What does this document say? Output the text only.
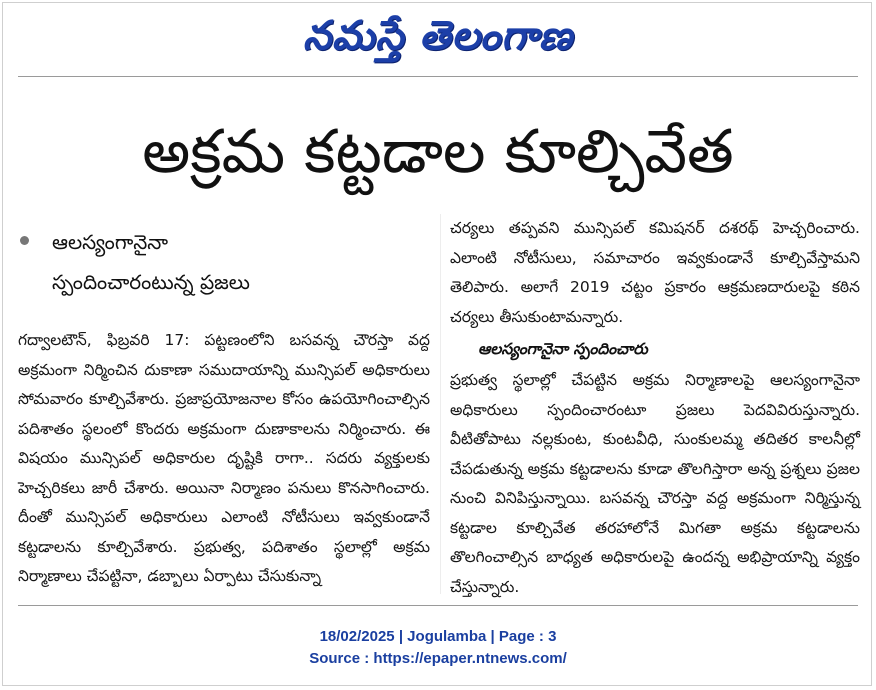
నమస్తే తెలంగాణ
అక్రమ కట్టడాల కూల్చివేత
ఆలస్యంగానైనా
స్పందించారంటున్న ప్రజలు

గద్వాలటౌన్, ఫిబ్రవరి 17: పట్టణంలోని బసవన్న చౌరస్తా వద్ద అక్రమంగా నిర్మించిన దుకాణా సముదాయాన్ని మున్సిపల్ అధికారులు సోమవారం కూల్చివేశారు. ప్రజాప్రయోజనాల కోసం ఉపయోగించాల్సిన పదిశాతం స్థలంలో కొందరు అక్రమంగా దుణాకాలను నిర్మించారు. ఈ విషయం మున్సిపల్ అధికారుల దృష్టికి రాగా.. సదరు వ్యక్తులకు హెచ్చరికలు జారీ చేశారు. అయినా నిర్మాణం పనులు కొనసాగించారు. దీంతో మున్సిపల్ అధికారులు ఎలాంటి నోటీసులు ఇవ్వకుండానే కట్టడాలను కూల్చివేశారు. ప్రభుత్వ, పదిశాతం స్థలాల్లో అక్రమ నిర్మాణాలు చేపట్టినా, డబ్బాలు ఏర్పాటు చేసుకున్నా

చర్యలు తప్పవని మున్సిపల్ కమిషనర్ దశరథ్ హెచ్చరించారు. ఎలాంటి నోటీసులు, సమాచారం ఇవ్వకుండానే కూల్చివేస్తామని తెలిపారు. అలాగే 2019 చట్టం ప్రకారం ఆక్రమణదారులపై కఠిన చర్యలు తీసుకుంటామన్నారు.

ఆలస్యంగానైనా స్పందించారు

ప్రభుత్వ స్థలాల్లో చేపట్టిన అక్రమ నిర్మాణాలపై ఆలస్యంగానైనా అధికారులు స్పందించారంటూ ప్రజలు పెదవివిరుస్తున్నారు. వీటితోపాటు నల్లకుంట, కుంటవీధి, సుంకులమ్మ తదితర కాలనీల్లో చేపడుతున్న అక్రమ కట్టడాలను కూడా తొలగిస్తారా అన్న ప్రశ్నలు ప్రజల నుంచి వినిపిస్తున్నాయి. బసవన్న చౌరస్తా వద్ద అక్రమంగా నిర్మిస్తున్న కట్టడాల కూల్చివేత తరహాలోనే మిగతా అక్రమ కట్టడాలను తొలగించాల్సిన బాధ్యత అధికారులపై ఉందన్న అభిప్రాయాన్ని వ్యక్తం చేస్తున్నారు.

18/02/2025 | Jogulamba | Page : 3
Source : https://epaper.ntnews.com/
